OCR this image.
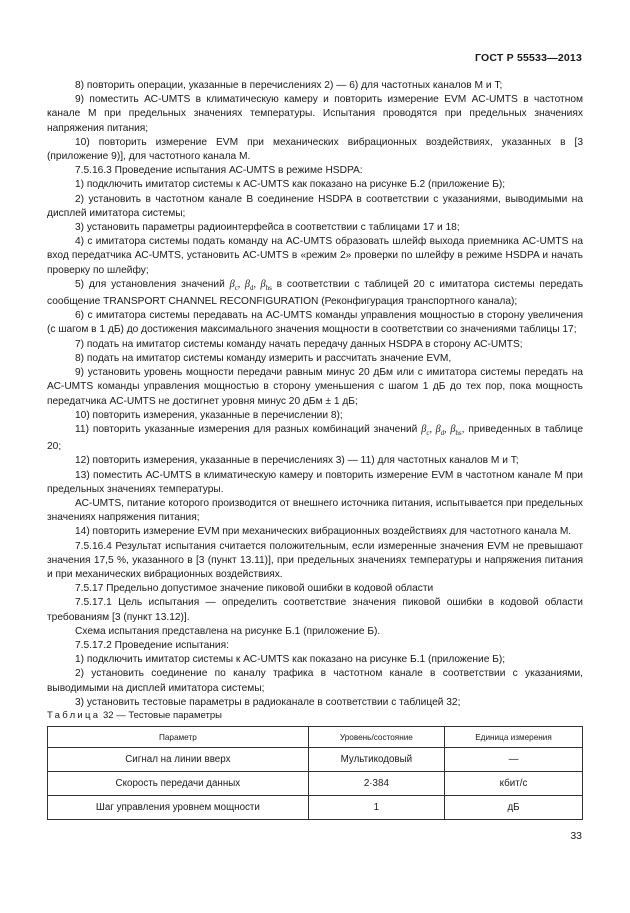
ГОСТ Р 55533—2013

8) повторить операции, указанные в перечислениях 2) — 6) для частотных каналов M и T;

9) поместить АС-UMTS в климатическую камеру и повторить измерение EVM АС-UMTS в частотном канале M при предельных значениях температуры. Испытания проводятся при предельных значениях напряжения питания;

10) повторить измерение EVM при механических вибрационных воздействиях, указанных в [3 (приложение 9)], для частотного канала M.

7.5.16.3 Проведение испытания АС-UMTS в режиме HSDPA:

1) подключить имитатор системы к АС-UMTS как показано на рисунке Б.2 (приложение Б);

2) установить в частотном канале B соединение HSDPA в соответствии с указаниями, выводимыми на дисплей имитатора системы;

3) установить параметры радиоинтерфейса в соответствии с таблицами 17 и 18;

4) с имитатора системы подать команду на АС-UMTS образовать шлейф выхода приемника АС-UMTS на вход передатчика АС-UMTS, установить АС-UMTS в «режим 2» проверки по шлейфу в режиме HSDPA и начать проверку по шлейфу;

5) для установления значений $\beta_c$, $\beta_d$, $\beta_{hs}$ в соответствии с таблицей 20 с имитатора системы передать сообщение TRANSPORT CHANNEL RECONFIGURATION (Реконфигурация транспортного канала);

6) с имитатора системы передавать на АС-UMTS команды управления мощностью в сторону увеличения (с шагом в 1 дБ) до достижения максимального значения мощности в соответствии со значениями таблицы 17;

7) подать на имитатор системы команду начать передачу данных HSDPA в сторону АС-UMTS;

8) подать на имитатор системы команду измерить и рассчитать значение EVM,

9) установить уровень мощности передачи равным минус 20 дБм или с имитатора системы передать на АС-UMTS команды управления мощностью в сторону уменьшения с шагом 1 дБ до тех пор, пока мощность передатчика АС-UMTS не достигнет уровня минус 20 дБм ± 1 дБ;

10) повторить измерения, указанные в перечислении 8);

11) повторить указанные измерения для разных комбинаций значений $\beta_c$, $\beta_d$, $\beta_{hs}$, приведенных в таблице 20;

12) повторить измерения, указанные в перечислениях 3) — 11) для частотных каналов M и T;

13) поместить АС-UMTS в климатическую камеру и повторить измерение EVM в частотном канале M при предельных значениях температуры.

АС-UMTS, питание которого производится от внешнего источника питания, испытывается при предельных значениях напряжения питания;

14) повторить измерение EVM при механических вибрационных воздействиях для частотного канала M.

7.5.16.4 Результат испытания считается положительным, если измеренные значения EVM не превышают значения 17,5 %, указанного в [3 (пункт 13.11)], при предельных значениях температуры и напряжения питания и при механических вибрационных воздействиях.

7.5.17 Предельно допустимое значение пиковой ошибки в кодовой области

7.5.17.1 Цель испытания — определить соответствие значения пиковой ошибки в кодовой области требованиям [3 (пункт 13.12)].

Схема испытания представлена на рисунке Б.1 (приложение Б).

7.5.17.2 Проведение испытания:

1) подключить имитатор системы к АС-UMTS как показано на рисунке Б.1 (приложение Б);

2) установить соединение по каналу трафика в частотном канале в соответствии с указаниями, выводимыми на дисплей имитатора системы;

3) установить тестовые параметры в радиоканале в соответствии с таблицей 32;

Таблица 32 — Тестовые параметры
Параметр	Уровень/состояние	Единица измерения
Сигнал на линии вверх	Мультикодовый	—
Скорость передачи данных	2·384	кбит/с
Шаг управления уровнем мощности	1	дБ
33
